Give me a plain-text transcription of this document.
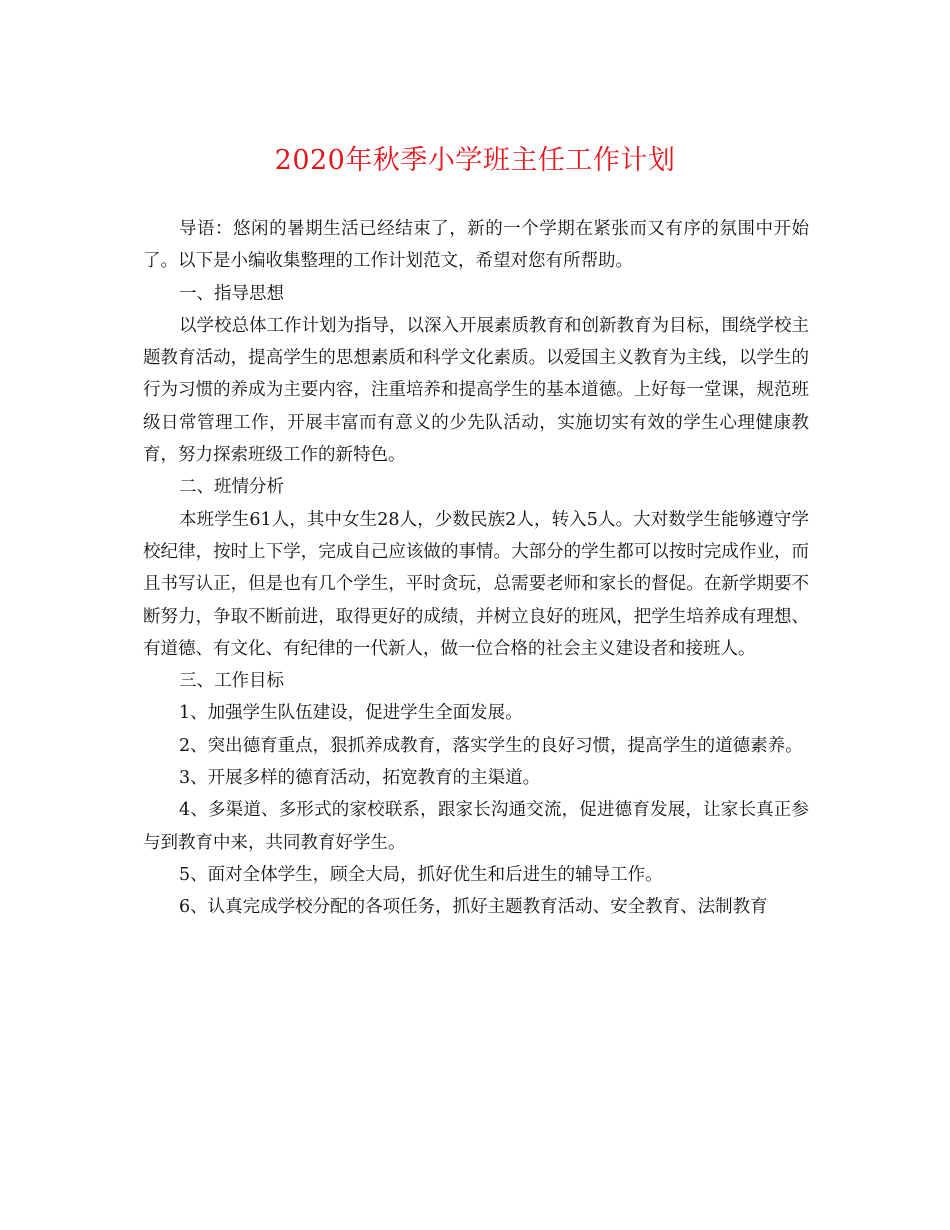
2020年秋季小学班主任工作计划

导语：悠闲的暑期生活已经结束了，新的一个学期在紧张而又有序的氛围中开始了。以下是小编收集整理的工作计划范文，希望对您有所帮助。

一、指导思想

以学校总体工作计划为指导，以深入开展素质教育和创新教育为目标，围绕学校主题教育活动，提高学生的思想素质和科学文化素质。以爱国主义教育为主线，以学生的行为习惯的养成为主要内容，注重培养和提高学生的基本道德。上好每一堂课，规范班级日常管理工作，开展丰富而有意义的少先队活动，实施切实有效的学生心理健康教育，努力探索班级工作的新特色。

二、班情分析

本班学生61人，其中女生28人，少数民族2人，转入5人。大对数学生能够遵守学校纪律，按时上下学，完成自己应该做的事情。大部分的学生都可以按时完成作业，而且书写认正，但是也有几个学生，平时贪玩，总需要老师和家长的督促。在新学期要不断努力，争取不断前进，取得更好的成绩，并树立良好的班风，把学生培养成有理想、有道德、有文化、有纪律的一代新人，做一位合格的社会主义建设者和接班人。

三、工作目标

1、加强学生队伍建设，促进学生全面发展。

2、突出德育重点，狠抓养成教育，落实学生的良好习惯，提高学生的道德素养。

3、开展多样的德育活动，拓宽教育的主渠道。

4、多渠道、多形式的家校联系，跟家长沟通交流，促进德育发展，让家长真正参与到教育中来，共同教育好学生。

5、面对全体学生，顾全大局，抓好优生和后进生的辅导工作。

6、认真完成学校分配的各项任务，抓好主题教育活动、安全教育、法制教育
